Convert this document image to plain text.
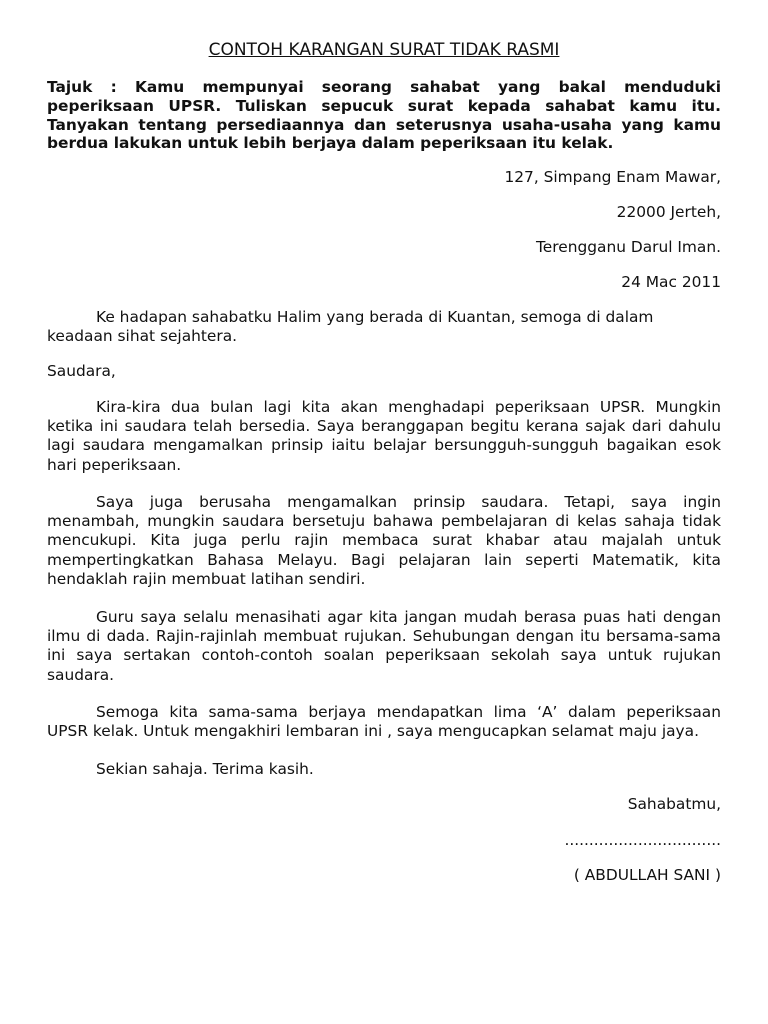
CONTOH KARANGAN SURAT TIDAK RASMI
Tajuk : Kamu mempunyai seorang sahabat yang bakal menduduki
peperiksaan UPSR. Tuliskan sepucuk surat kepada sahabat kamu itu.
Tanyakan tentang persediaannya dan seterusnya usaha-usaha yang kamu
berdua lakukan untuk lebih berjaya dalam peperiksaan itu kelak.
127, Simpang Enam Mawar,
22000 Jerteh,
Terengganu Darul Iman.
24 Mac 2011
Ke hadapan sahabatku Halim yang berada di Kuantan, semoga di dalam
keadaan sihat sejahtera.
Saudara,
Kira-kira dua bulan lagi kita akan menghadapi peperiksaan UPSR. Mungkin
ketika ini saudara telah bersedia. Saya beranggapan begitu kerana sajak dari dahulu
lagi saudara mengamalkan prinsip iaitu belajar bersungguh-sungguh bagaikan esok
hari peperiksaan.
Saya juga berusaha mengamalkan prinsip saudara. Tetapi, saya ingin
menambah, mungkin saudara bersetuju bahawa pembelajaran di kelas sahaja tidak
mencukupi. Kita juga perlu rajin membaca surat khabar atau majalah untuk
mempertingkatkan Bahasa Melayu. Bagi pelajaran lain seperti Matematik, kita
hendaklah rajin membuat latihan sendiri.
Guru saya selalu menasihati agar kita jangan mudah berasa puas hati dengan
ilmu di dada. Rajin-rajinlah membuat rujukan. Sehubungan dengan itu bersama-sama
ini saya sertakan contoh-contoh soalan peperiksaan sekolah saya untuk rujukan
saudara.
Semoga kita sama-sama berjaya mendapatkan lima ‘A’ dalam peperiksaan
UPSR kelak. Untuk mengakhiri lembaran ini , saya mengucapkan selamat maju jaya.
Sekian sahaja. Terima kasih.
Sahabatmu,
................................
( ABDULLAH SANI )
